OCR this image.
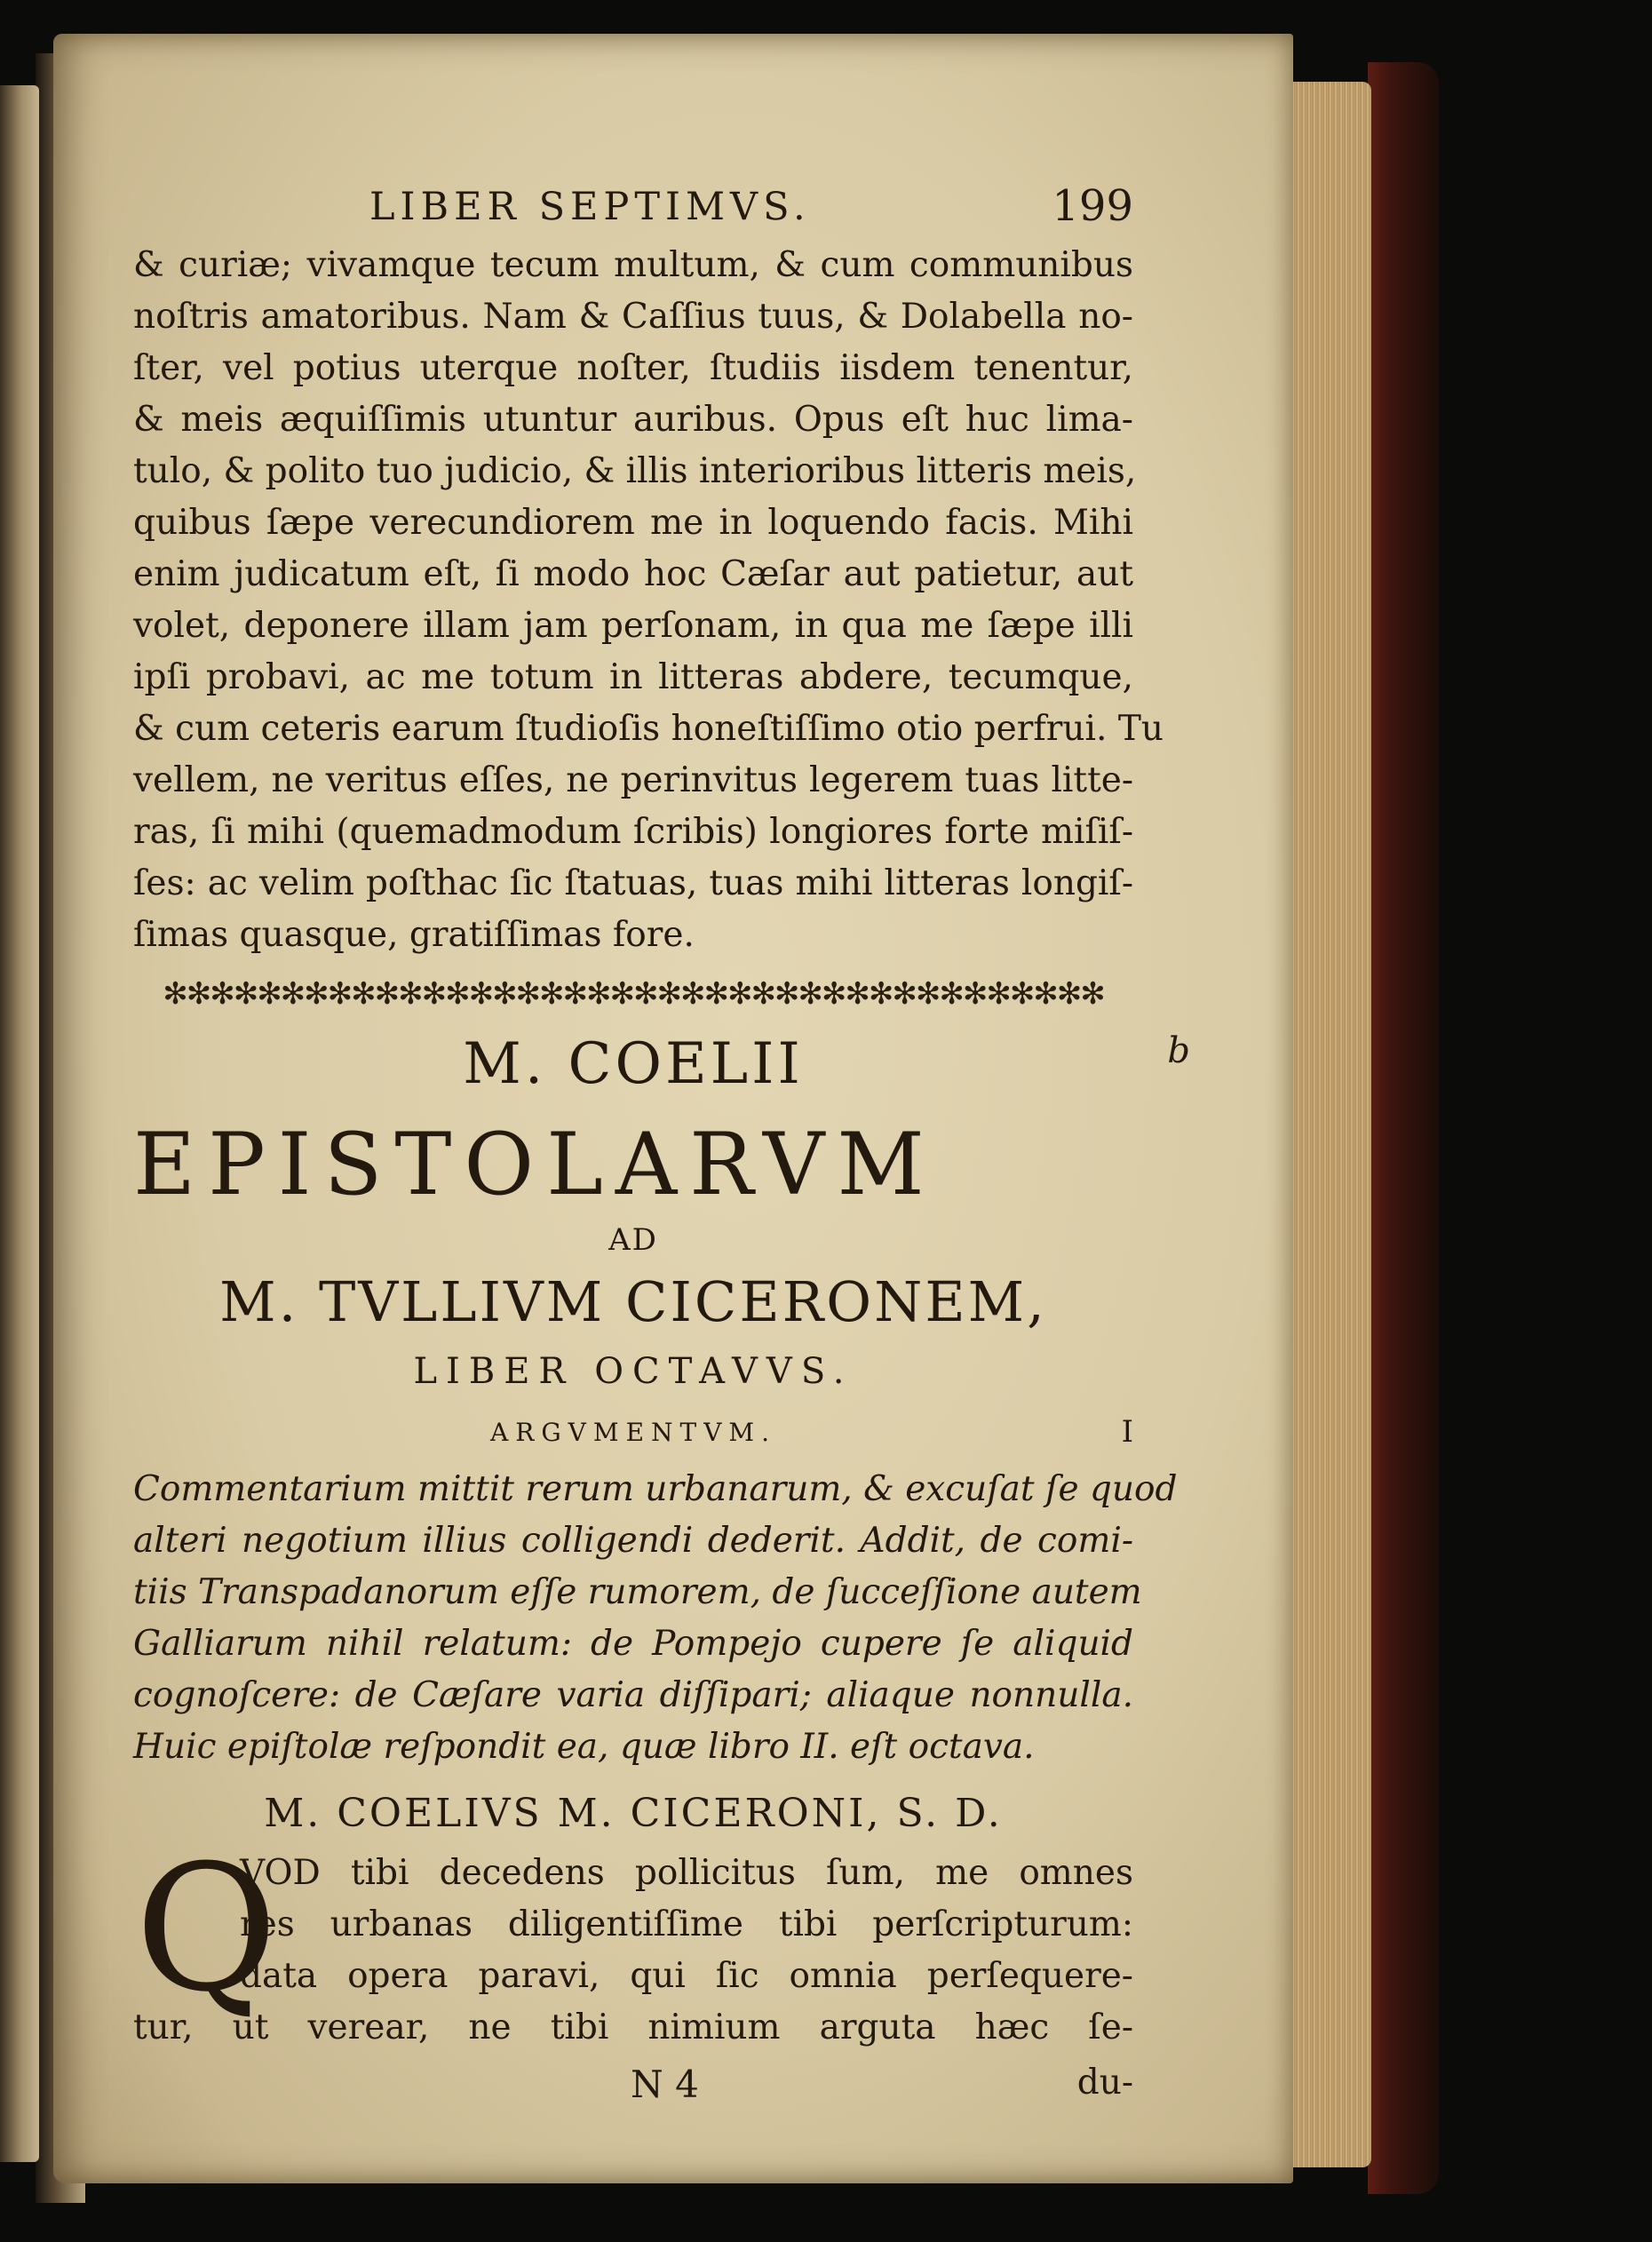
LIBER SEPTIMVS.	199
& curiæ; vivamque tecum multum, & cum communibus
noſtris amatoribus. Nam & Caſſius tuus, & Dolabella no-
ſter, vel potius uterque noſter, ſtudiis iisdem tenentur,
& meis æquiſſimis utuntur auribus. Opus eſt huc lima-
tulo, & polito tuo judicio, & illis interioribus litteris meis,
quibus ſæpe verecundiorem me in loquendo facis. Mihi
enim judicatum eſt, ſi modo hoc Cæſar aut patietur, aut
volet, deponere illam jam perſonam, in qua me ſæpe illi
ipſi probavi, ac me totum in litteras abdere, tecumque,
& cum ceteris earum ſtudioſis honeſtiſſimo otio perfrui. Tu
vellem, ne veritus eſſes, ne perinvitus legerem tuas litte-
ras, ſi mihi (quemadmodum ſcribis) longiores forte miſiſ-
ſes: ac velim poſthac ſic ſtatuas, tuas mihi litteras longiſ-
ſimas quasque, gratiſſimas fore.
✻✻✻✻✻✻✻✻✻✻✻✻✻✻✻✻✻✻✻✻✻✻✻✻✻✻✻✻✻✻✻✻✻✻✻✻✻✻✻✻
M. COELII	b
EPISTOLARVM
AD
M. TVLLIVM CICERONEM,
LIBER OCTAVVS.
ARGVMENTVM.	I
Commentarium mittit rerum urbanarum, & excuſat ſe quod
alteri negotium illius colligendi dederit. Addit, de comi-
tiis Transpadanorum eſſe rumorem, de ſucceſſione autem
Galliarum nihil relatum: de Pompejo cupere ſe aliquid
cognoſcere: de Cæſare varia diſſipari; aliaque nonnulla.
Huic epiſtolæ reſpondit ea, quæ libro II. eſt octava.
M. COELIVS M. CICERONI, S. D.
Q
VOD tibi decedens pollicitus ſum, me omnes
res urbanas diligentiſſime tibi perſcripturum:
data opera paravi, qui ſic omnia perſequere-
tur, ut verear, ne tibi nimium arguta hæc ſe-
N 4	du-
